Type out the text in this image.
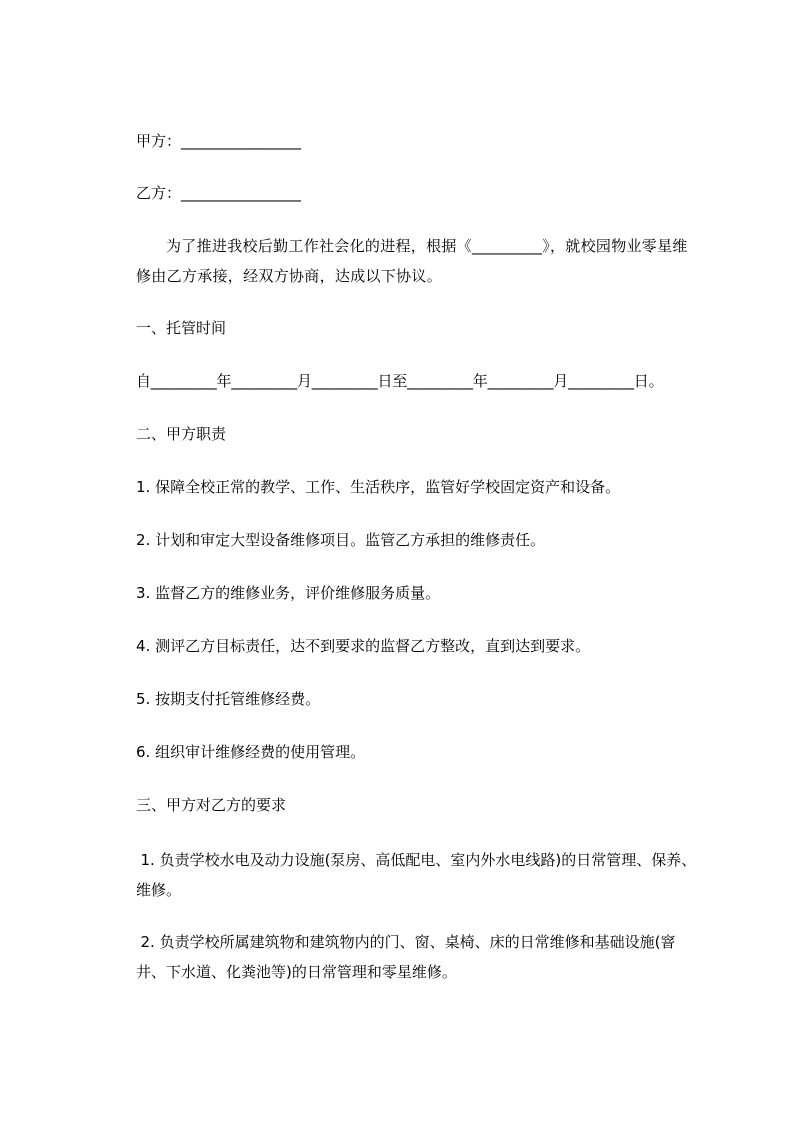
甲方：________________
乙方：________________
为了推进我校后勤工作社会化的进程，根据《_________》，就校园物业零星维修由乙方承接，经双方协商，达成以下协议。
一、托管时间
自_________年_________月_________日至_________年_________月_________日。
二、甲方职责
1. 保障全校正常的教学、工作、生活秩序，监管好学校固定资产和设备。
2. 计划和审定大型设备维修项目。监管乙方承担的维修责任。
3. 监督乙方的维修业务，评价维修服务质量。
4. 测评乙方目标责任，达不到要求的监督乙方整改，直到达到要求。
5. 按期支付托管维修经费。
6. 组织审计维修经费的使用管理。
三、甲方对乙方的要求
1. 负责学校水电及动力设施(泵房、高低配电、室内外水电线路)的日常管理、保养、维修。
2. 负责学校所属建筑物和建筑物内的门、窗、桌椅、床的日常维修和基础设施(窨井、下水道、化粪池等)的日常管理和零星维修。
